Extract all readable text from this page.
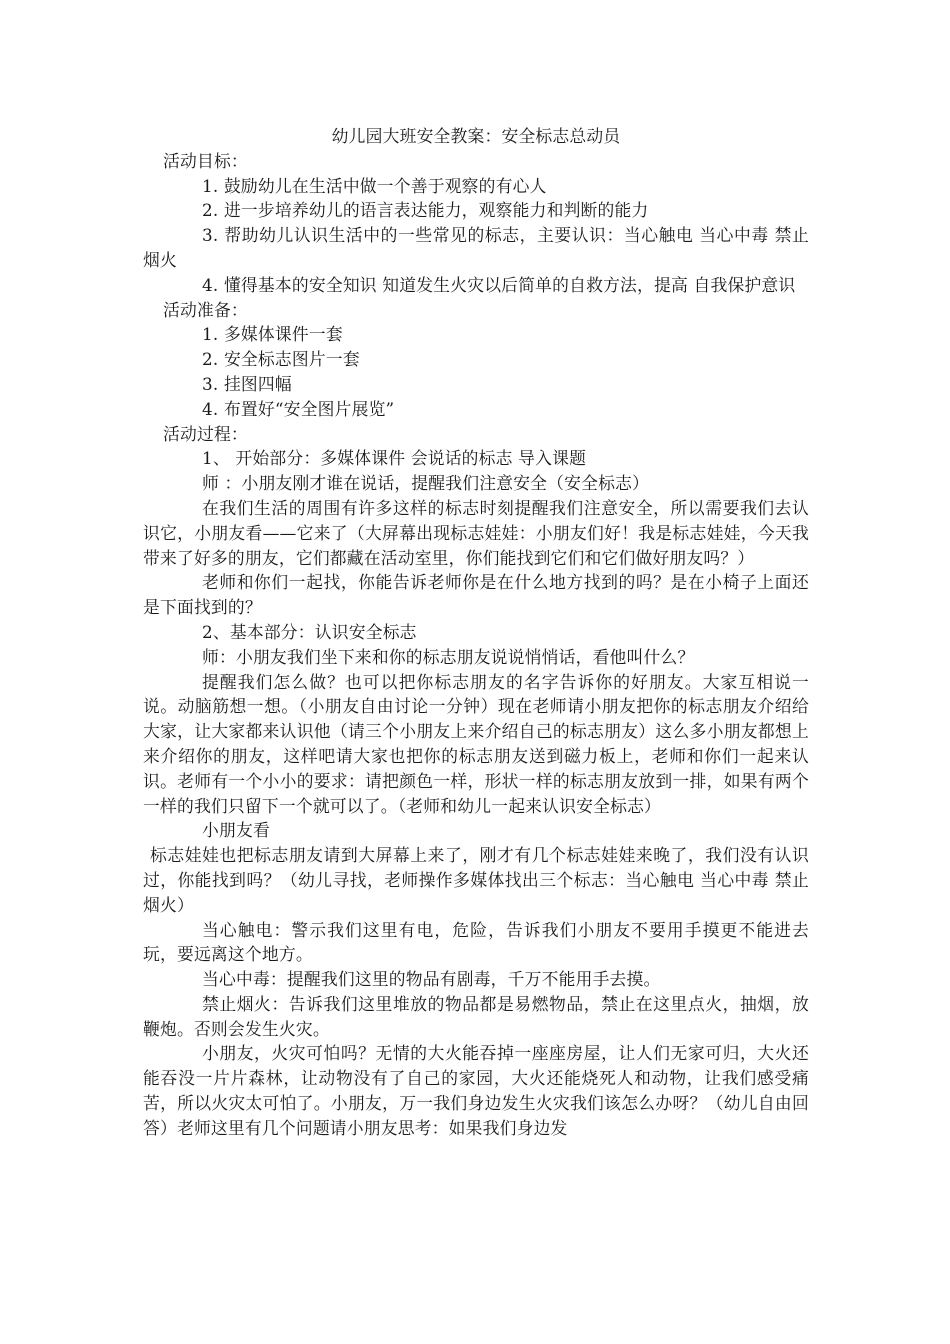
幼儿园大班安全教案：安全标志总动员

活动目标：

1. 鼓励幼儿在生活中做一个善于观察的有心人

2. 进一步培养幼儿的语言表达能力，观察能力和判断的能力

3. 帮助幼儿认识生活中的一些常见的标志，主要认识：当心触电 当心中毒 禁止烟火

4. 懂得基本的安全知识 知道发生火灾以后简单的自救方法，提高 自我保护意识

活动准备：

1. 多媒体课件一套

2. 安全标志图片一套

3. 挂图四幅

4. 布置好“安全图片展览”

活动过程：

1、 开始部分：多媒体课件 会说话的标志 导入课题

师 ：小朋友刚才谁在说话，提醒我们注意安全（安全标志）

在我们生活的周围有许多这样的标志时刻提醒我们注意安全，所以需要我们去认识它，小朋友看——它来了（大屏幕出现标志娃娃：小朋友们好！我是标志娃娃，今天我带来了好多的朋友，它们都藏在活动室里，你们能找到它们和它们做好朋友吗？）

老师和你们一起找，你能告诉老师你是在什么地方找到的吗？是在小椅子上面还是下面找到的？

2、基本部分：认识安全标志

师：小朋友我们坐下来和你的标志朋友说说悄悄话，看他叫什么？

提醒我们怎么做？也可以把你标志朋友的名字告诉你的好朋友。大家互相说一说。动脑筋想一想。（小朋友自由讨论一分钟）现在老师请小朋友把你的标志朋友介绍给大家，让大家都来认识他（请三个小朋友上来介绍自己的标志朋友）这么多小朋友都想上来介绍你的朋友，这样吧请大家也把你的标志朋友送到磁力板上，老师和你们一起来认识。老师有一个小小的要求：请把颜色一样，形状一样的标志朋友放到一排，如果有两个一样的我们只留下一个就可以了。（老师和幼儿一起来认识安全标志）

小朋友看

标志娃娃也把标志朋友请到大屏幕上来了，刚才有几个标志娃娃来晚了，我们没有认识过，你能找到吗？（幼儿寻找，老师操作多媒体找出三个标志：当心触电 当心中毒 禁止烟火）

当心触电：警示我们这里有电，危险，告诉我们小朋友不要用手摸更不能进去玩，要远离这个地方。

当心中毒：提醒我们这里的物品有剧毒，千万不能用手去摸。

禁止烟火：告诉我们这里堆放的物品都是易燃物品，禁止在这里点火，抽烟，放鞭炮。否则会发生火灾。

小朋友，火灾可怕吗？无情的大火能吞掉一座座房屋，让人们无家可归，大火还能吞没一片片森林，让动物没有了自己的家园，大火还能烧死人和动物，让我们感受痛苦，所以火灾太可怕了。小朋友，万一我们身边发生火灾我们该怎么办呀？（幼儿自由回答）老师这里有几个问题请小朋友思考：如果我们身边发
